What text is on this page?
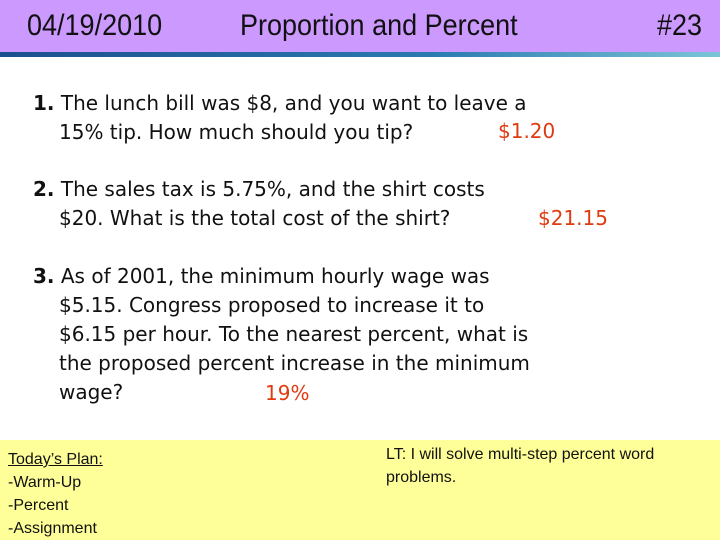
04/19/2010	Proportion and Percent	#23
1. The lunch bill was $8, and you want to leave a
15% tip. How much should you tip?	$1.20
2. The sales tax is 5.75%, and the shirt costs
$20. What is the total cost of the shirt?	$21.15
3. As of 2001, the minimum hourly wage was
$5.15. Congress proposed to increase it to
$6.15 per hour. To the nearest percent, what is
the proposed percent increase in the minimum
wage?	19%
Today’s Plan:
-Warm-Up
-Percent
-Assignment
LT: I will solve multi-step percent word problems.
